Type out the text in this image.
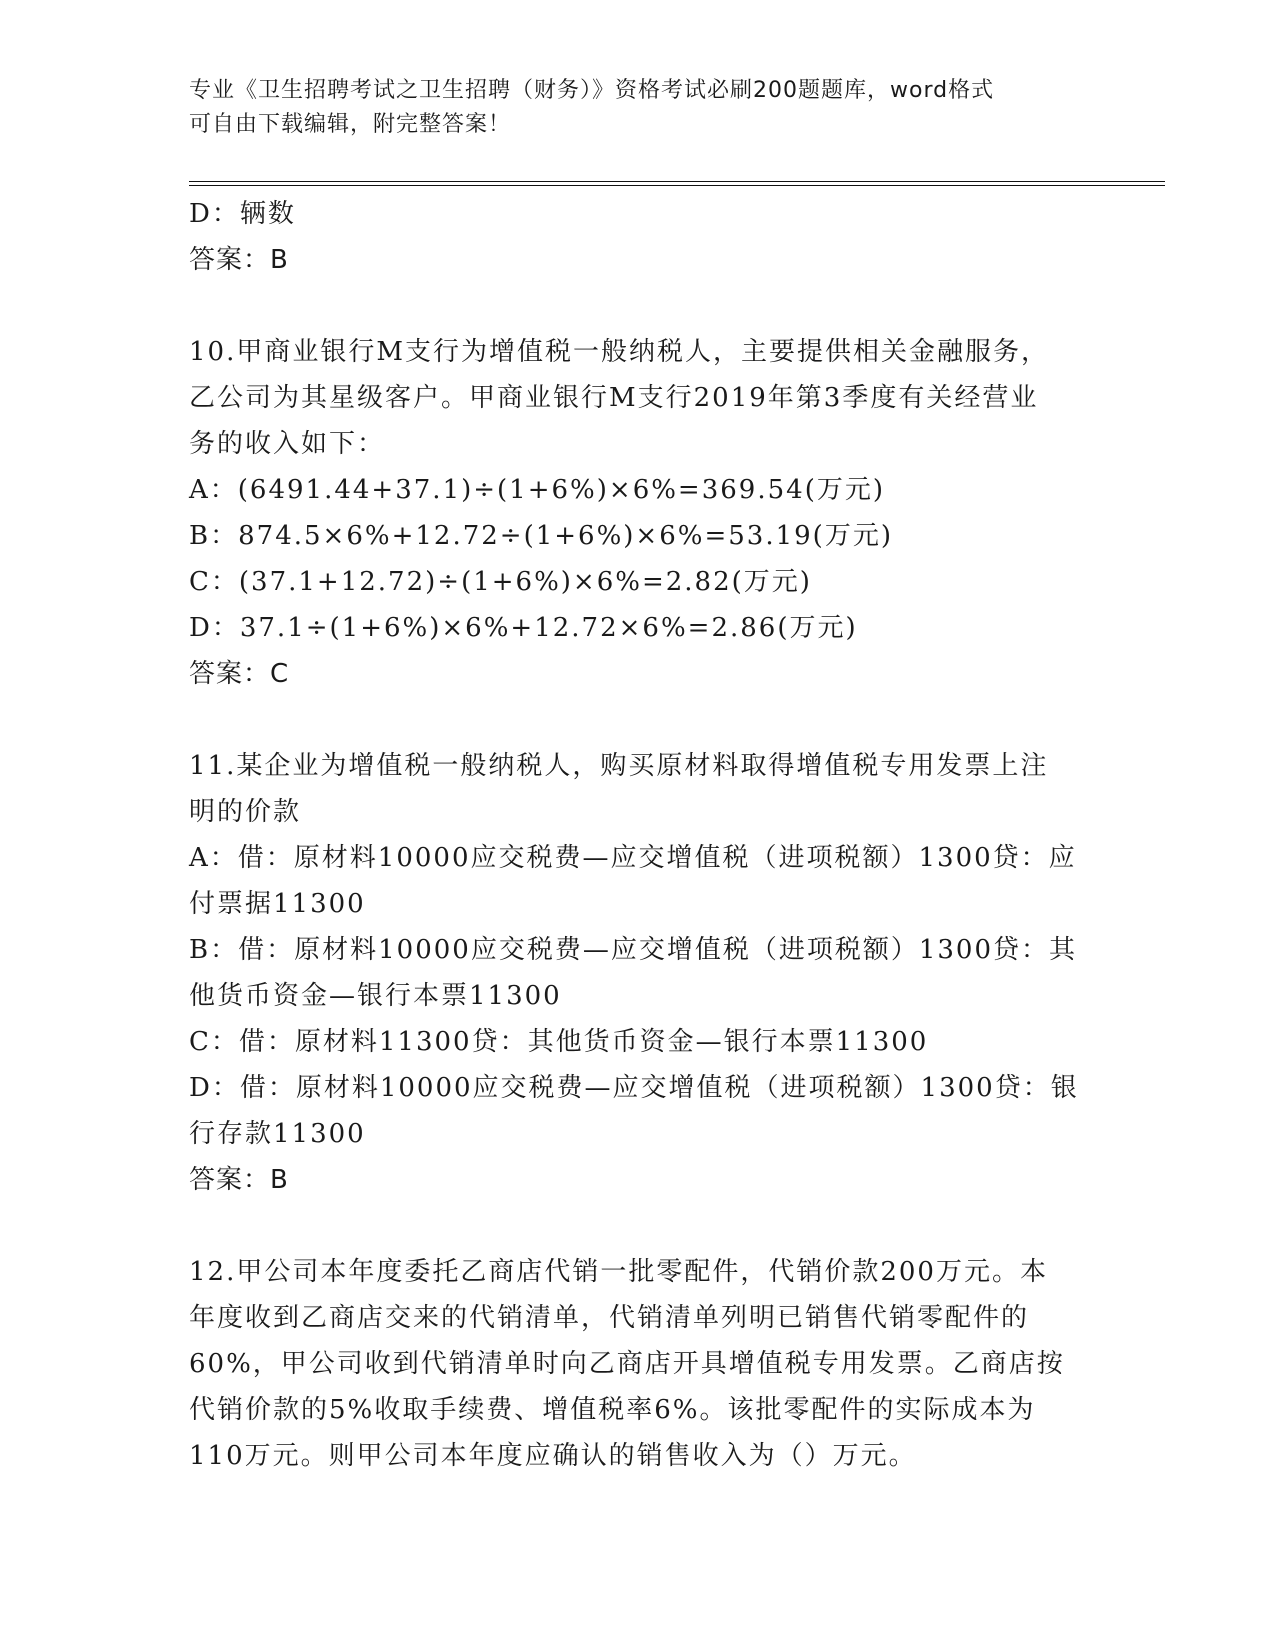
专业《卫生招聘考试之卫生招聘（财务）》资格考试必刷200题题库，word格式
可自由下载编辑，附完整答案！
D：辆数
答案：B
10.甲商业银行M支行为增值税一般纳税人，主要提供相关金融服务，
乙公司为其星级客户。甲商业银行M支行2019年第3季度有关经营业
务的收入如下：
A：(6491.44+37.1)÷(1+6%)×6%=369.54(万元)
B：874.5×6%+12.72÷(1+6%)×6%=53.19(万元)
C：(37.1+12.72)÷(1+6%)×6%=2.82(万元)
D：37.1÷(1+6%)×6%+12.72×6%=2.86(万元)
答案：C
11.某企业为增值税一般纳税人，购买原材料取得增值税专用发票上注
明的价款
A：借：原材料10000应交税费—应交增值税（进项税额）1300贷：应
付票据11300
B：借：原材料10000应交税费—应交增值税（进项税额）1300贷：其
他货币资金—银行本票11300
C：借：原材料11300贷：其他货币资金—银行本票11300
D：借：原材料10000应交税费—应交增值税（进项税额）1300贷：银
行存款11300
答案：B
12.甲公司本年度委托乙商店代销一批零配件，代销价款200万元。本
年度收到乙商店交来的代销清单，代销清单列明已销售代销零配件的
60%，甲公司收到代销清单时向乙商店开具增值税专用发票。乙商店按
代销价款的5%收取手续费、增值税率6%。该批零配件的实际成本为
110万元。则甲公司本年度应确认的销售收入为（）万元。
